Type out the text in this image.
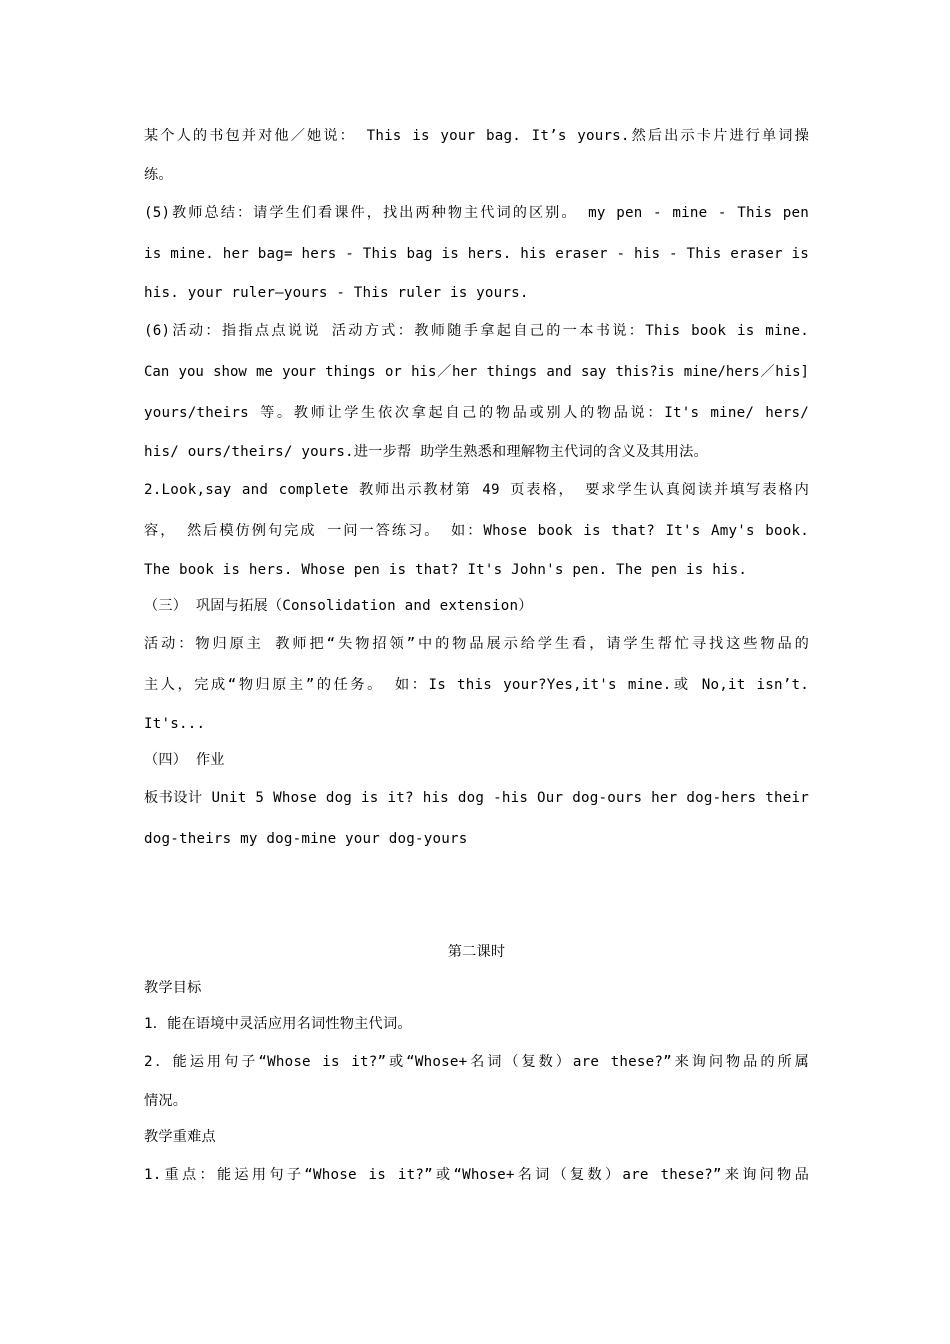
某个人的书包并对他／她说： This is your bag. It’s yours.然后出示卡片进行单词操
练。
(5)教师总结：请学生们看课件，找出两种物主代词的区别。 my pen - mine - This pen
is mine. her bag= hers - This bag is hers. his eraser - his - This eraser is
his. your ruler—yours - This ruler is yours.
(6)活动：指指点点说说 活动方式：教师随手拿起自己的一本书说：This book is mine.
Can you show me your things or his／her things and say this?is mine/hers／his]
yours/theirs 等。教师让学生依次拿起自己的物品或别人的物品说：It's mine/ hers/
his/ ours/theirs/ yours.进一步帮 助学生熟悉和理解物主代词的含义及其用法。
2.Look,say and complete 教师出示教材第 49 页表格， 要求学生认真阅读并填写表格内
容， 然后模仿例句完成 一问一答练习。 如：Whose book is that? It's Amy's book.
The book is hers. Whose pen is that? It's John's pen. The pen is his.
（三） 巩固与拓展（Consolidation and extension）
活动：物归原主 教师把“失物招领”中的物品展示给学生看，请学生帮忙寻找这些物品的
主人，完成“物归原主”的任务。 如：Is this your?Yes,it's mine.或 No,it isn’t.
It's...
（四） 作业
板书设计 Unit 5 Whose dog is it? his dog -his Our dog-ours her dog-hers their
dog-theirs my dog-mine your dog-yours
第二课时
教学目标
1．能在语境中灵活应用名词性物主代词。
2．能运用句子“Whose is it?”或“Whose+名词（复数）are these?”来询问物品的所属
情况。
教学重难点
1.重点：能运用句子“Whose is it?”或“Whose+名词（复数）are these?”来询问物品
